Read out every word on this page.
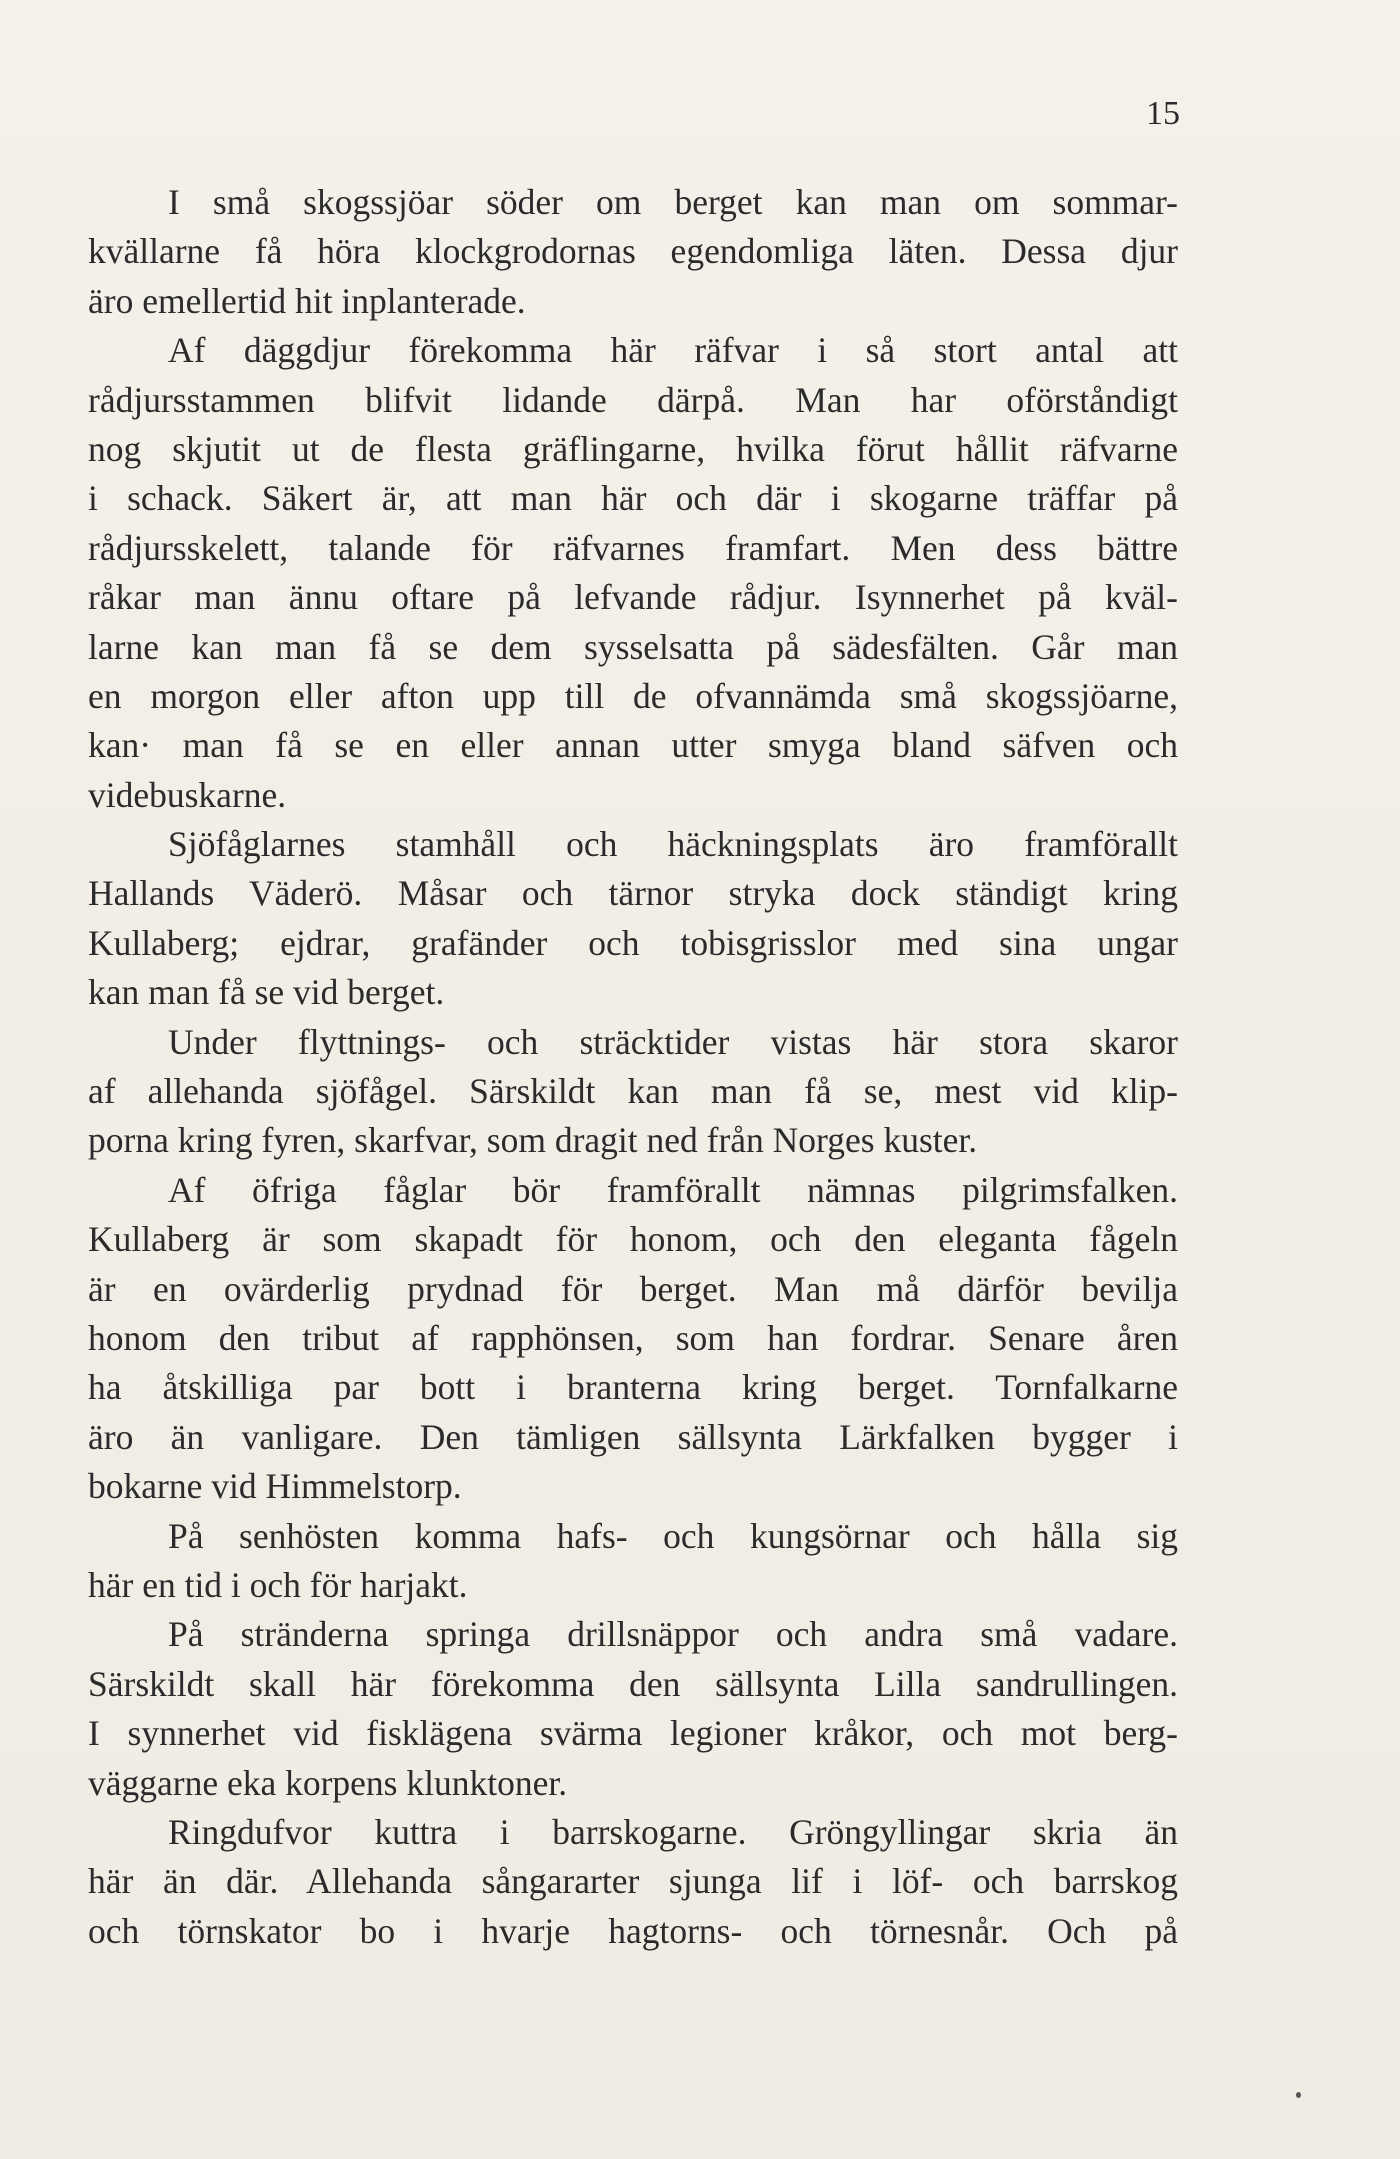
15
I små skogssjöar söder om berget kan man om sommar-
kvällarne få höra klockgrodornas egendomliga läten. Dessa djur
äro emellertid hit inplanterade.
Af däggdjur förekomma här räfvar i så stort antal att
rådjursstammen blifvit lidande därpå. Man har oförståndigt
nog skjutit ut de flesta gräflingarne, hvilka förut hållit räfvarne
i schack. Säkert är, att man här och där i skogarne träffar på
rådjursskelett, talande för räfvarnes framfart. Men dess bättre
råkar man ännu oftare på lefvande rådjur. Isynnerhet på kväl-
larne kan man få se dem sysselsatta på sädesfälten. Går man
en morgon eller afton upp till de ofvannämda små skogssjöarne,
kan· man få se en eller annan utter smyga bland säfven och
videbuskarne.
Sjöfåglarnes stamhåll och häckningsplats äro framförallt
Hallands Väderö. Måsar och tärnor stryka dock ständigt kring
Kullaberg; ejdrar, grafänder och tobisgrisslor med sina ungar
kan man få se vid berget.
Under flyttnings- och sträcktider vistas här stora skaror
af allehanda sjöfågel. Särskildt kan man få se, mest vid klip-
porna kring fyren, skarfvar, som dragit ned från Norges kuster.
Af öfriga fåglar bör framförallt nämnas pilgrimsfalken.
Kullaberg är som skapadt för honom, och den eleganta fågeln
är en ovärderlig prydnad för berget. Man må därför bevilja
honom den tribut af rapphönsen, som han fordrar. Senare åren
ha åtskilliga par bott i branterna kring berget. Tornfalkarne
äro än vanligare. Den tämligen sällsynta Lärkfalken bygger i
bokarne vid Himmelstorp.
På senhösten komma hafs- och kungsörnar och hålla sig
här en tid i och för harjakt.
På stränderna springa drillsnäppor och andra små vadare.
Särskildt skall här förekomma den sällsynta Lilla sandrullingen.
I synnerhet vid fisklägena svärma legioner kråkor, och mot berg-
väggarne eka korpens klunktoner.
Ringdufvor kuttra i barrskogarne. Gröngyllingar skria än
här än där. Allehanda sångararter sjunga lif i löf- och barrskog
och törnskator bo i hvarje hagtorns- och törnesnår. Och på
